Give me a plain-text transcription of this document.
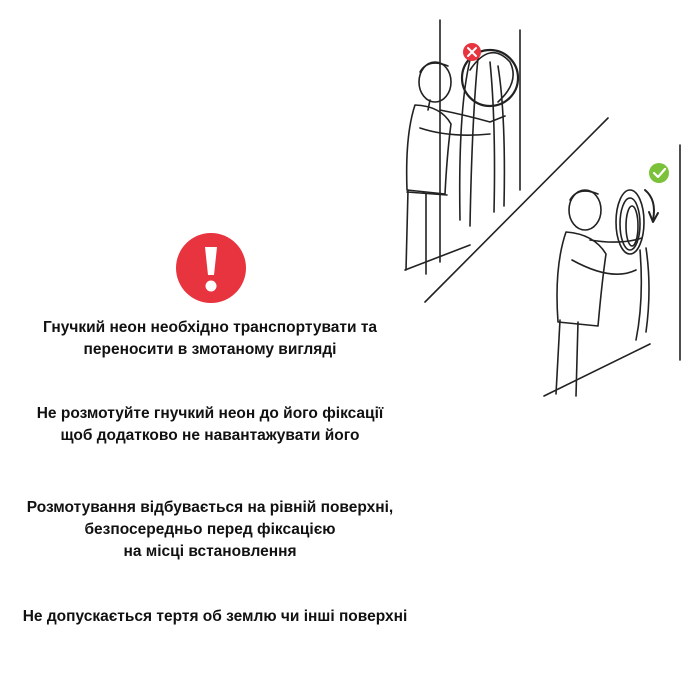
Гнучкий неон необхідно транспортувати та
переносити в змотаному вигляді
Не розмотуйте гнучкий неон до його фіксації
щоб додатково не навантажувати його
Розмотування відбувається на рівній поверхні,
безпосередньо перед фіксацією
на місці встановлення
Не допускається тертя об землю чи інші поверхні
